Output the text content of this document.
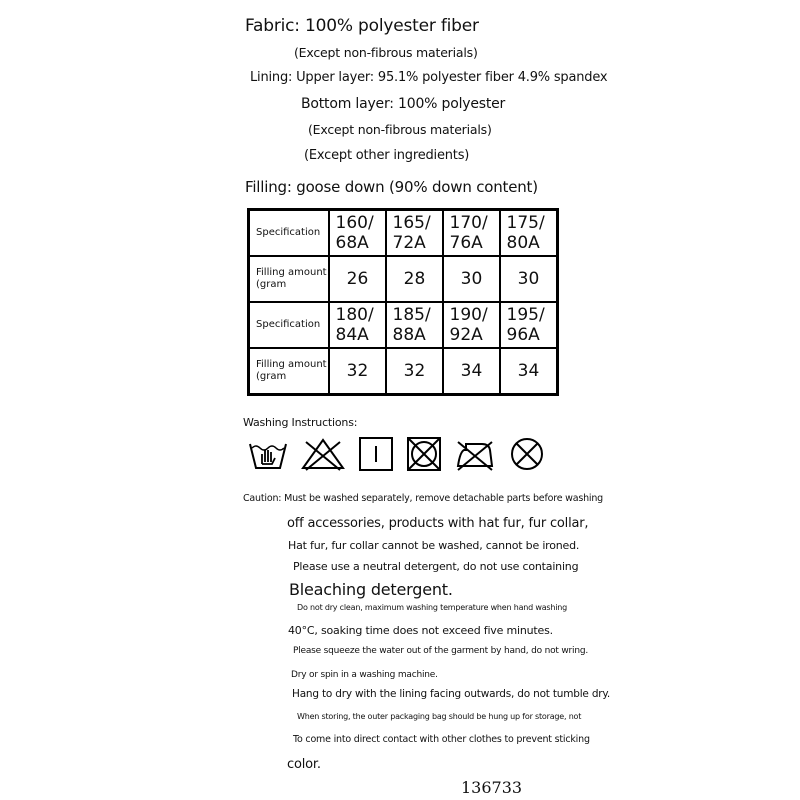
Fabric: 100% polyester fiber
(Except non-fibrous materials)
Lining: Upper layer: 95.1% polyester fiber 4.9% spandex
Bottom layer: 100% polyester
(Except non-fibrous materials)
(Except other ingredients)
Filling: goose down (90% down content)
Specification	160/ 68A	165/ 72A	170/ 76A	175/ 80A
Filling amount (gram	26	28	30	30
Specification	180/ 84A	185/ 88A	190/ 92A	195/ 96A
Filling amount (gram	32	32	34	34
Washing Instructions:
Caution: Must be washed separately, remove detachable parts before washing
off accessories, products with hat fur, fur collar,
Hat fur, fur collar cannot be washed, cannot be ironed.
Please use a neutral detergent, do not use containing
Bleaching detergent.
Do not dry clean, maximum washing temperature when hand washing
40°C, soaking time does not exceed five minutes.
Please squeeze the water out of the garment by hand, do not wring.
Dry or spin in a washing machine.
Hang to dry with the lining facing outwards, do not tumble dry.
When storing, the outer packaging bag should be hung up for storage, not
To come into direct contact with other clothes to prevent sticking
color.
136733
